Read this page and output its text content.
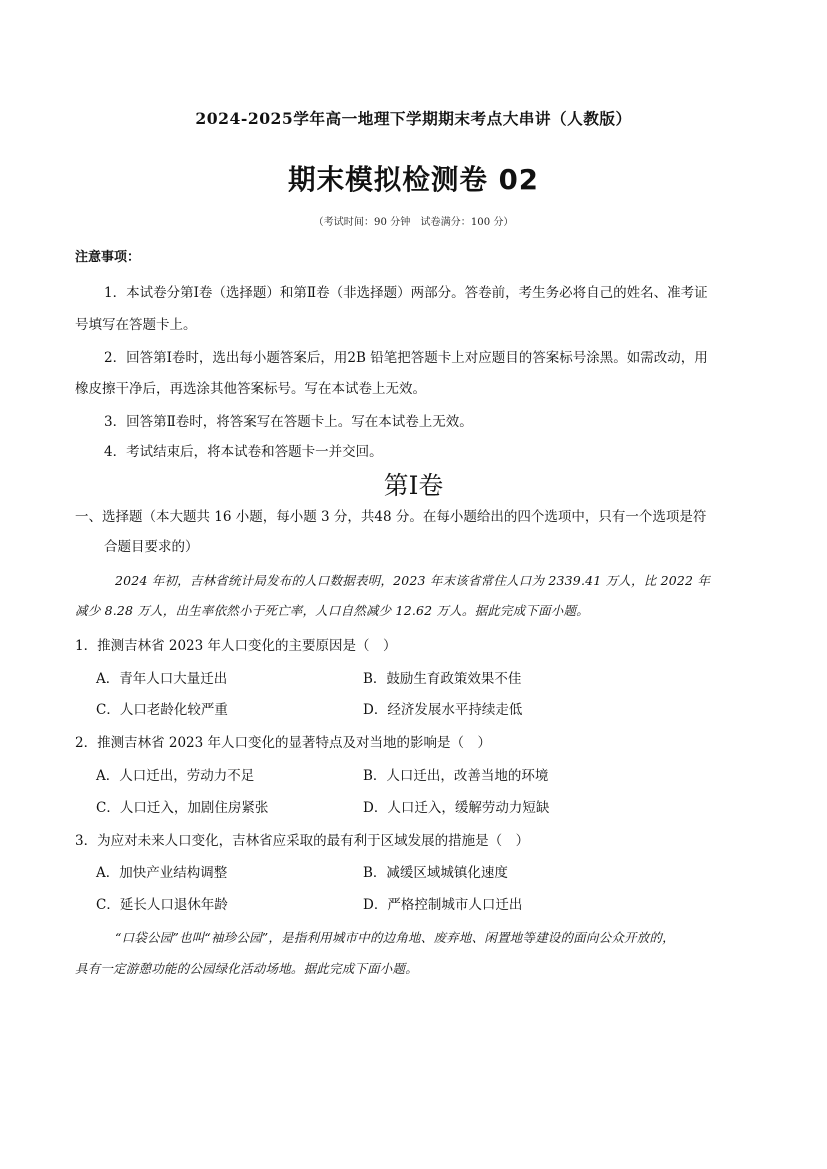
2024-2025学年高一地理下学期期末考点大串讲（人教版）
期末模拟检测卷 02
（考试时间：90 分钟　试卷满分：100 分）
注意事项：
1．本试卷分第Ⅰ卷（选择题）和第Ⅱ卷（非选择题）两部分。答卷前，考生务必将自己的姓名、准考证
号填写在答题卡上。
2．回答第Ⅰ卷时，选出每小题答案后，用2B 铅笔把答题卡上对应题目的答案标号涂黑。如需改动，用
橡皮擦干净后，再选涂其他答案标号。写在本试卷上无效。
3．回答第Ⅱ卷时，将答案写在答题卡上。写在本试卷上无效。
4．考试结束后，将本试卷和答题卡一并交回。
第Ⅰ卷
一、选择题（本大题共 16 小题，每小题 3 分，共48 分。在每小题给出的四个选项中，只有一个选项是符
合题目要求的）
2024 年初，吉林省统计局发布的人口数据表明，2023 年末该省常住人口为 2339.41 万人，比 2022 年
减少 8.28 万人，出生率依然小于死亡率，人口自然减少 12.62 万人。据此完成下面小题。
1．推测吉林省 2023 年人口变化的主要原因是（　）
A．青年人口大量迁出	B．鼓励生育政策效果不佳
C．人口老龄化较严重	D．经济发展水平持续走低
2．推测吉林省 2023 年人口变化的显著特点及对当地的影响是（　）
A．人口迁出，劳动力不足	B．人口迁出，改善当地的环境
C．人口迁入，加剧住房紧张	D．人口迁入，缓解劳动力短缺
3．为应对未来人口变化，吉林省应采取的最有利于区域发展的措施是（　）
A．加快产业结构调整	B．减缓区域城镇化速度
C．延长人口退休年龄	D．严格控制城市人口迁出
“口袋公园”也叫“袖珍公园”，是指利用城市中的边角地、废弃地、闲置地等建设的面向公众开放的，
具有一定游憩功能的公园绿化活动场地。据此完成下面小题。
